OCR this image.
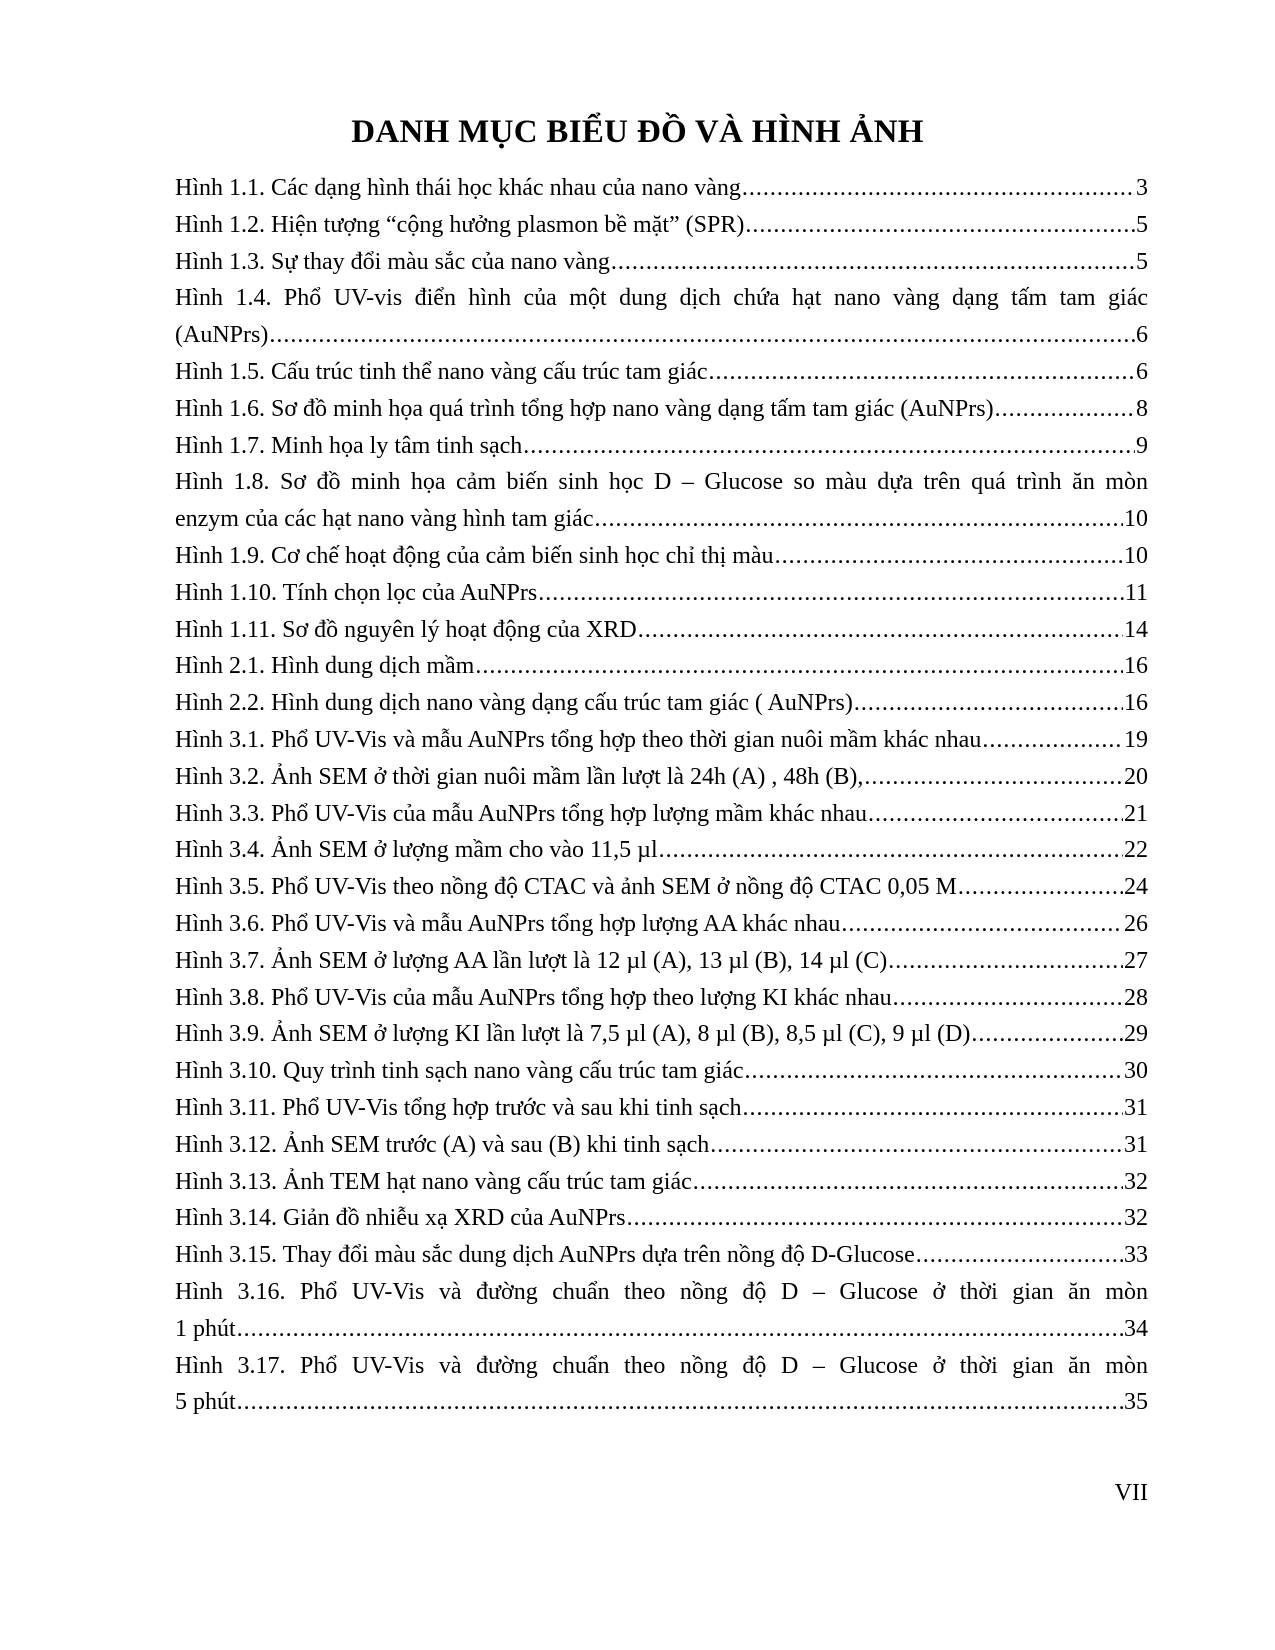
DANH MỤC BIỂU ĐỒ VÀ HÌNH ẢNH
Hình 1.1. Các dạng hình thái học khác nhau của nano vàng .....	3
Hình 1.2. Hiện tượng “cộng hưởng plasmon bề mặt” (SPR) .....	5
Hình 1.3. Sự thay đổi màu sắc của nano vàng .....	5
Hình 1.4. Phổ UV-vis điển hình của một dung dịch chứa hạt nano vàng dạng tấm tam giác
(AuNPrs) .....	6
Hình 1.5. Cấu trúc tinh thể nano vàng cấu trúc tam giác .....	6
Hình 1.6. Sơ đồ minh họa quá trình tổng hợp nano vàng dạng tấm tam giác (AuNPrs) .....	8
Hình 1.7. Minh họa ly tâm tinh sạch .....	9
Hình 1.8. Sơ đồ minh họa cảm biến sinh học D – Glucose so màu dựa trên quá trình ăn mòn
enzym của các hạt nano vàng hình tam giác .....	10
Hình 1.9. Cơ chế hoạt động của cảm biến sinh học chỉ thị màu .....	10
Hình 1.10. Tính chọn lọc của AuNPrs .....	11
Hình 1.11. Sơ đồ nguyên lý hoạt động của XRD .....	14
Hình 2.1. Hình dung dịch mầm .....	16
Hình 2.2. Hình dung dịch nano vàng dạng cấu trúc tam giác ( AuNPrs) .....	16
Hình 3.1. Phổ UV-Vis và mẫu AuNPrs tổng hợp theo thời gian nuôi mầm khác nhau .....	19
Hình 3.2. Ảnh SEM ở thời gian nuôi mầm lần lượt là 24h (A) , 48h (B), .....	20
Hình 3.3. Phổ UV-Vis của mẫu AuNPrs tổng hợp lượng mầm khác nhau .....	21
Hình 3.4. Ảnh SEM ở lượng mầm cho vào 11,5 µl .....	22
Hình 3.5. Phổ UV-Vis theo nồng độ CTAC và ảnh SEM ở nồng độ CTAC 0,05 M .....	24
Hình 3.6. Phổ UV-Vis và mẫu AuNPrs tổng hợp lượng AA khác nhau .....	26
Hình 3.7. Ảnh SEM ở lượng AA lần lượt là 12 µl (A), 13 µl (B), 14 µl (C) .....	27
Hình 3.8. Phổ UV-Vis của mẫu AuNPrs tổng hợp theo lượng KI khác nhau .....	28
Hình 3.9. Ảnh SEM ở lượng KI lần lượt là 7,5 µl (A), 8 µl (B), 8,5 µl (C), 9 µl (D) .....	29
Hình 3.10. Quy trình tinh sạch nano vàng cấu trúc tam giác .....	30
Hình 3.11. Phổ UV-Vis tổng hợp trước và sau khi tinh sạch .....	31
Hình 3.12. Ảnh SEM trước (A) và sau (B) khi tinh sạch .....	31
Hình 3.13. Ảnh TEM hạt nano vàng cấu trúc tam giác .....	32
Hình 3.14. Giản đồ nhiễu xạ XRD của AuNPrs .....	32
Hình 3.15. Thay đổi màu sắc dung dịch AuNPrs dựa trên nồng độ D-Glucose .....	33
Hình 3.16. Phổ UV-Vis và đường chuẩn theo nồng độ D – Glucose ở thời gian ăn mòn
1 phút .....	34
Hình 3.17. Phổ UV-Vis và đường chuẩn theo nồng độ D – Glucose ở thời gian ăn mòn
5 phút .....	35
VII
